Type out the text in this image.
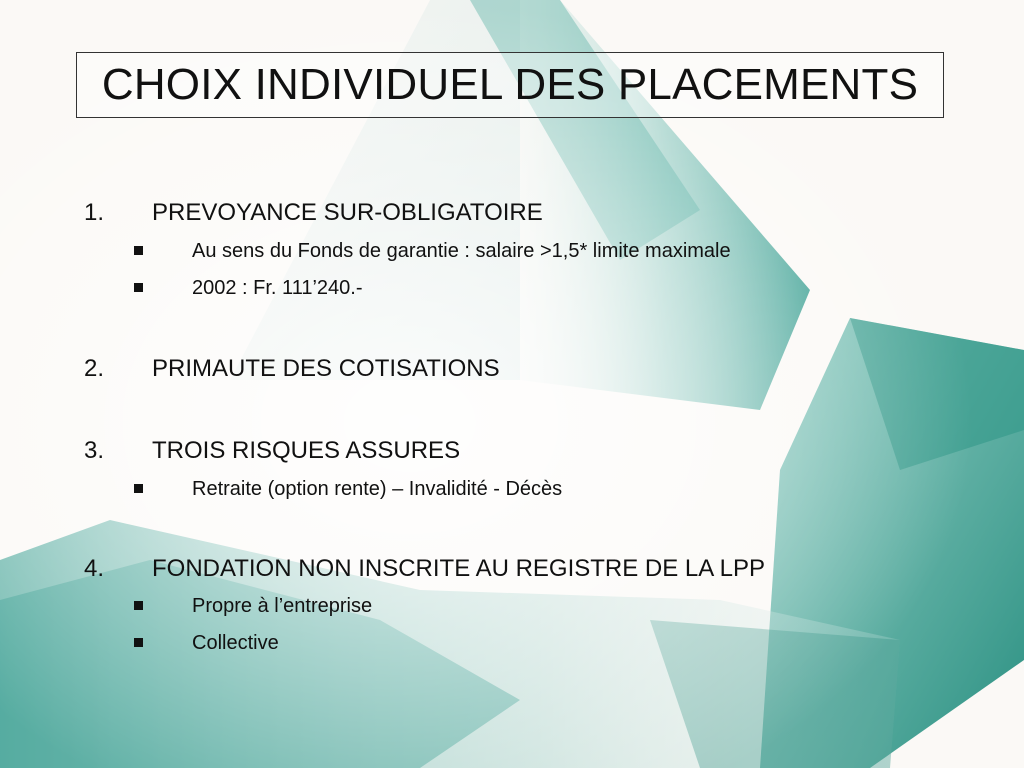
CHOIX INDIVIDUEL DES PLACEMENTS
1. PREVOYANCE SUR-OBLIGATOIRE
Au sens du Fonds de garantie : salaire >1,5* limite maximale
2002 : Fr. 111’240.-
2. PRIMAUTE DES COTISATIONS
3. TROIS RISQUES ASSURES
Retraite (option rente) – Invalidité - Décès
4. FONDATION NON INSCRITE AU REGISTRE DE LA LPP
Propre à l’entreprise
Collective
